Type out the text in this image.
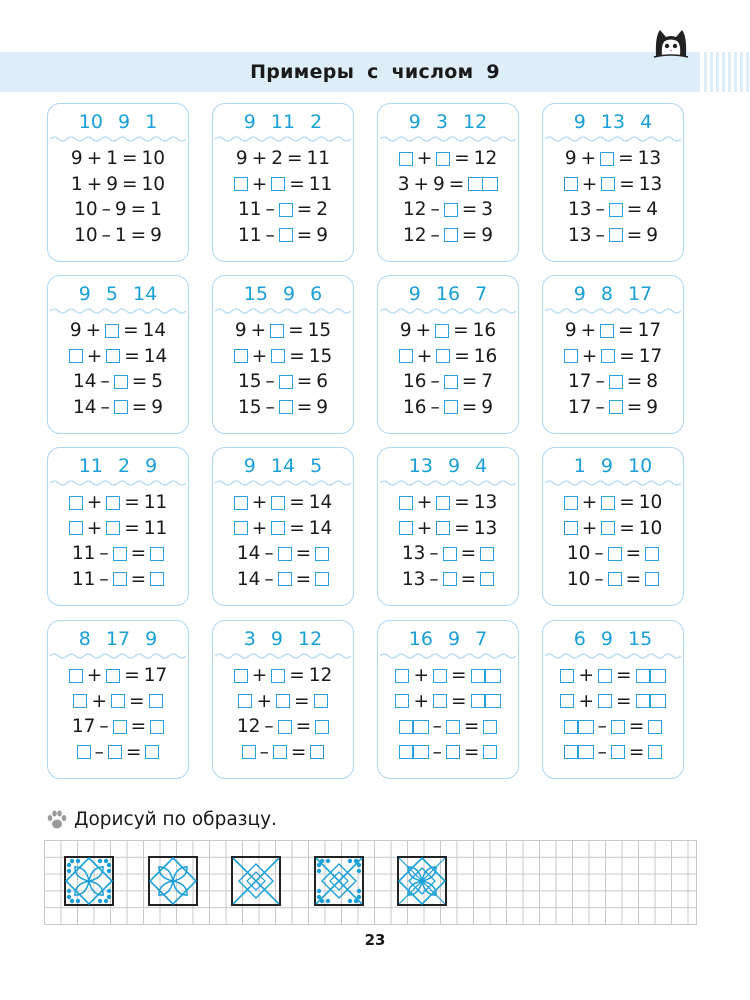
Примеры с числом 9
10 9 1
9 + 1 = 10
1 + 9 = 10
10 – 9 = 1
10 – 1 = 9
9 11 2
9 + 2 = 11
+ = 11
11 – = 2
11 – = 9
9 3 12
+ = 12
3 + 9 =
12 – = 3
12 – = 9
9 13 4
9 + = 13
+ = 13
13 – = 4
13 – = 9
9 5 14
9 + = 14
+ = 14
14 – = 5
14 – = 9
15 9 6
9 + = 15
+ = 15
15 – = 6
15 – = 9
9 16 7
9 + = 16
+ = 16
16 – = 7
16 – = 9
9 8 17
9 + = 17
+ = 17
17 – = 8
17 – = 9
11 2 9
+ = 11
+ = 11
11 – =
11 – =
9 14 5
+ = 14
+ = 14
14 – =
14 – =
13 9 4
+ = 13
+ = 13
13 – =
13 – =
1 9 10
+ = 10
+ = 10
10 – =
10 – =
8 17 9
+ = 17
+ =
17 – =
– =
3 9 12
+ = 12
+ =
12 – =
– =
16 9 7
+ =
+ =
– =
– =
6 9 15
+ =
+ =
– =
– =
Дорисуй по образцу.
23
